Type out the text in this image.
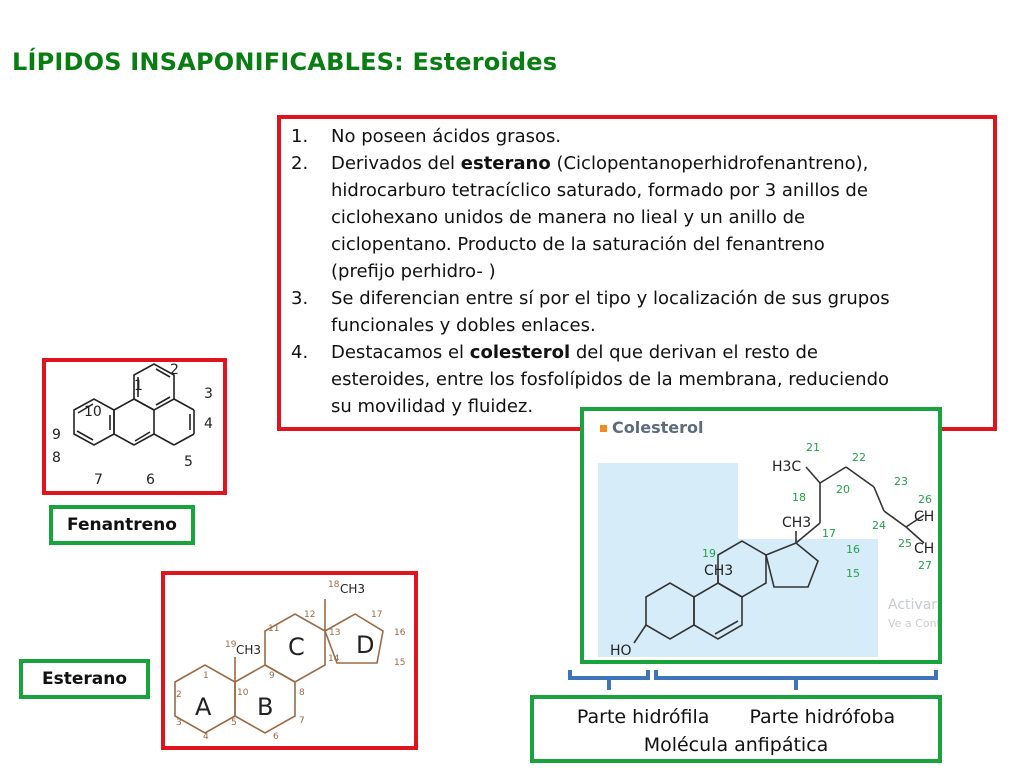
LÍPIDOS INSAPONIFICABLES: Esteroides
1. No poseen ácidos grasos.
2. Derivados del esterano (Ciclopentanoperhidrofenantreno),
hidrocarburo tetracíclico saturado, formado por 3 anillos de
ciclohexano unidos de manera no lieal y un anillo de
ciclopentano. Producto de la saturación del fenantreno
(prefijo perhidro- )
3. Se diferencian entre sí por el tipo y localización de sus grupos
funcionales y dobles enlaces.
4. Destacamos el colesterol del que derivan el resto de
esteroides, entre los fosfolípidos de la membrana, reduciendo
su movilidad y fluidez.
1
2
3
4
5
6
7
8
9
10
Fenantreno
1
2
3
4
5
6
7
8
9
10
11
12
13
14	15
16
17
19
18
CH3
CH3
A B
C D
Esterano
Colesterol
HO
CH3
CH3
H3C
CH
CH
19
18
21
20
22
23
24
25
26
27
17
16
15
Activar
Ve a Cont
Parte hidrófila Parte hidrófoba
Molécula anfipática
